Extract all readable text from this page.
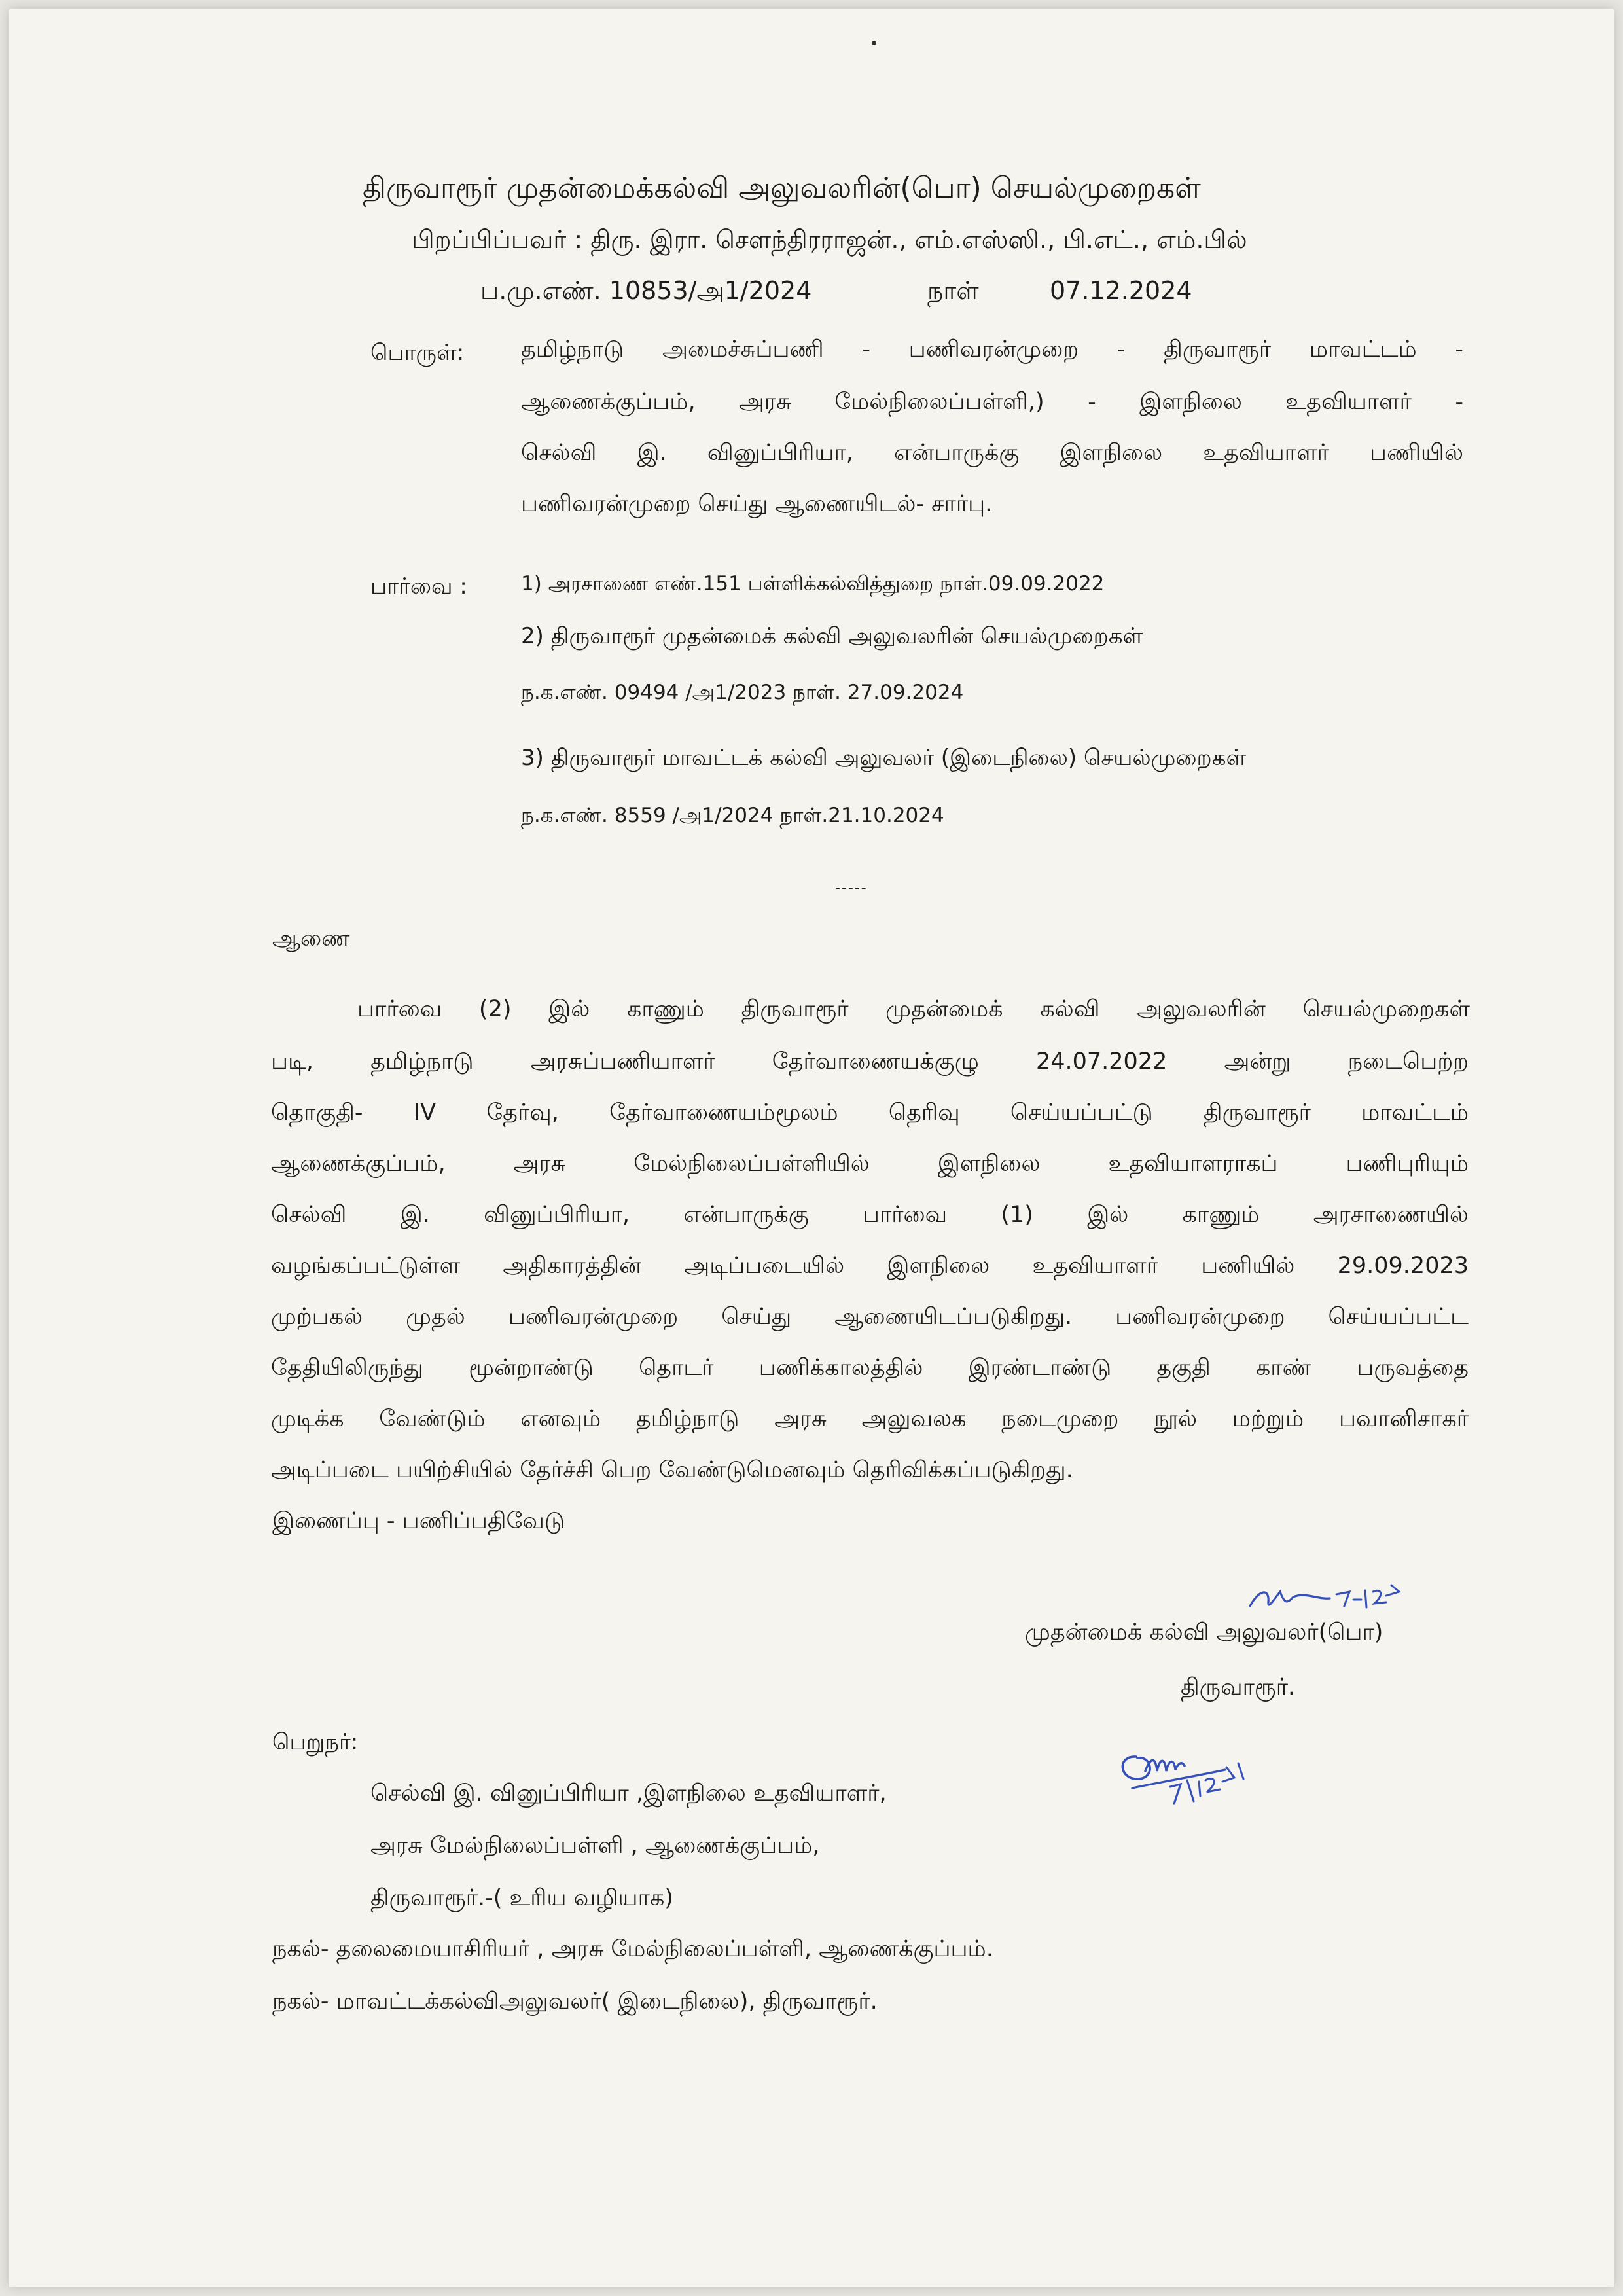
திருவாரூர் முதன்மைக்கல்வி அலுவலரின்(பொ) செயல்முறைகள்
பிறப்பிப்பவர் : திரு. இரா. சௌந்திரராஜன்., எம்.எஸ்ஸி., பி.எட்., எம்.பில்
ப.மு.எண். 10853/அ1/2024	நாள்	07.12.2024
பொருள்: தமிழ்நாடு அமைச்சுப்பணி - பணிவரன்முறை - திருவாரூர் மாவட்டம் -
ஆணைக்குப்பம், அரசு மேல்நிலைப்பள்ளி,) - இளநிலை உதவியாளர் -
செல்வி இ. வினுப்பிரியா, என்பாருக்கு இளநிலை உதவியாளர் பணியில்
பணிவரன்முறை செய்து ஆணையிடல்- சார்பு.
பார்வை :	1) அரசாணை எண்.151 பள்ளிக்கல்வித்துறை நாள்.09.09.2022
2) திருவாரூர் முதன்மைக் கல்வி அலுவலரின் செயல்முறைகள்
ந.க.எண். 09494 /அ1/2023 நாள். 27.09.2024
3) திருவாரூர் மாவட்டக் கல்வி அலுவலர் (இடைநிலை) செயல்முறைகள்
ந.க.எண். 8559 /அ1/2024 நாள்.21.10.2024
-----
ஆணை
பார்வை (2) இல் காணும் திருவாரூர் முதன்மைக் கல்வி அலுவலரின் செயல்முறைகள்
படி, தமிழ்நாடு அரசுப்பணியாளர் தேர்வாணையக்குழு 24.07.2022 அன்று நடைபெற்ற
தொகுதி- IV தேர்வு, தேர்வாணையம்மூலம் தெரிவு செய்யப்பட்டு திருவாரூர் மாவட்டம்
ஆணைக்குப்பம், அரசு மேல்நிலைப்பள்ளியில் இளநிலை உதவியாளராகப் பணிபுரியும்
செல்வி இ. வினுப்பிரியா, என்பாருக்கு பார்வை (1) இல் காணும் அரசாணையில்
வழங்கப்பட்டுள்ள அதிகாரத்தின் அடிப்படையில் இளநிலை உதவியாளர் பணியில் 29.09.2023
முற்பகல் முதல் பணிவரன்முறை செய்து ஆணையிடப்படுகிறது. பணிவரன்முறை செய்யப்பட்ட
தேதியிலிருந்து மூன்றாண்டு தொடர் பணிக்காலத்தில் இரண்டாண்டு தகுதி காண் பருவத்தை
முடிக்க வேண்டும் எனவும் தமிழ்நாடு அரசு அலுவலக நடைமுறை நூல் மற்றும் பவானிசாகர்
அடிப்படை பயிற்சியில் தேர்ச்சி பெற வேண்டுமெனவும் தெரிவிக்கப்படுகிறது.
இணைப்பு - பணிப்பதிவேடு
முதன்மைக் கல்வி அலுவலர்(பொ)
திருவாரூர்.
பெறுநர்:
செல்வி இ. வினுப்பிரியா ,இளநிலை உதவியாளர்,
அரசு மேல்நிலைப்பள்ளி , ஆணைக்குப்பம்,
திருவாரூர்.-( உரிய வழியாக)
நகல்- தலைமையாசிரியர் , அரசு மேல்நிலைப்பள்ளி, ஆணைக்குப்பம்.
நகல்- மாவட்டக்கல்விஅலுவலர்( இடைநிலை), திருவாரூர்.
